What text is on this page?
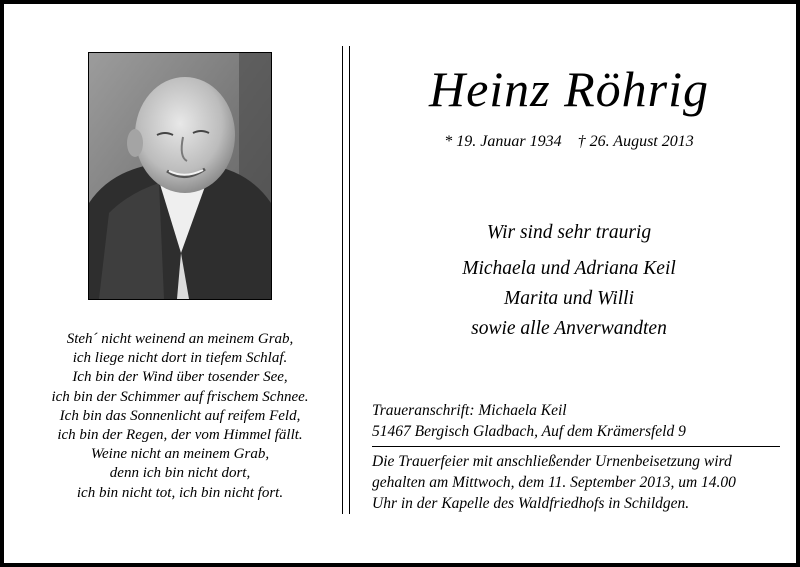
Steh´ nicht weinend an meinem Grab,
ich liege nicht dort in tiefem Schlaf.
Ich bin der Wind über tosender See,
ich bin der Schimmer auf frischem Schnee.
Ich bin das Sonnenlicht auf reifem Feld,
ich bin der Regen, der vom Himmel fällt.
Weine nicht an meinem Grab,
denn ich bin nicht dort,
ich bin nicht tot, ich bin nicht fort.
Heinz Röhrig
* 19. Januar 1934 † 26. August 2013
Wir sind sehr traurig
Michaela und Adriana Keil
Marita und Willi
sowie alle Anverwandten
Traueranschrift: Michaela Keil
51467 Bergisch Gladbach, Auf dem Krämersfeld 9
Die Trauerfeier mit anschließender Urnenbeisetzung wird
gehalten am Mittwoch, dem 11. September 2013, um 14.00
Uhr in der Kapelle des Waldfriedhofs in Schildgen.
